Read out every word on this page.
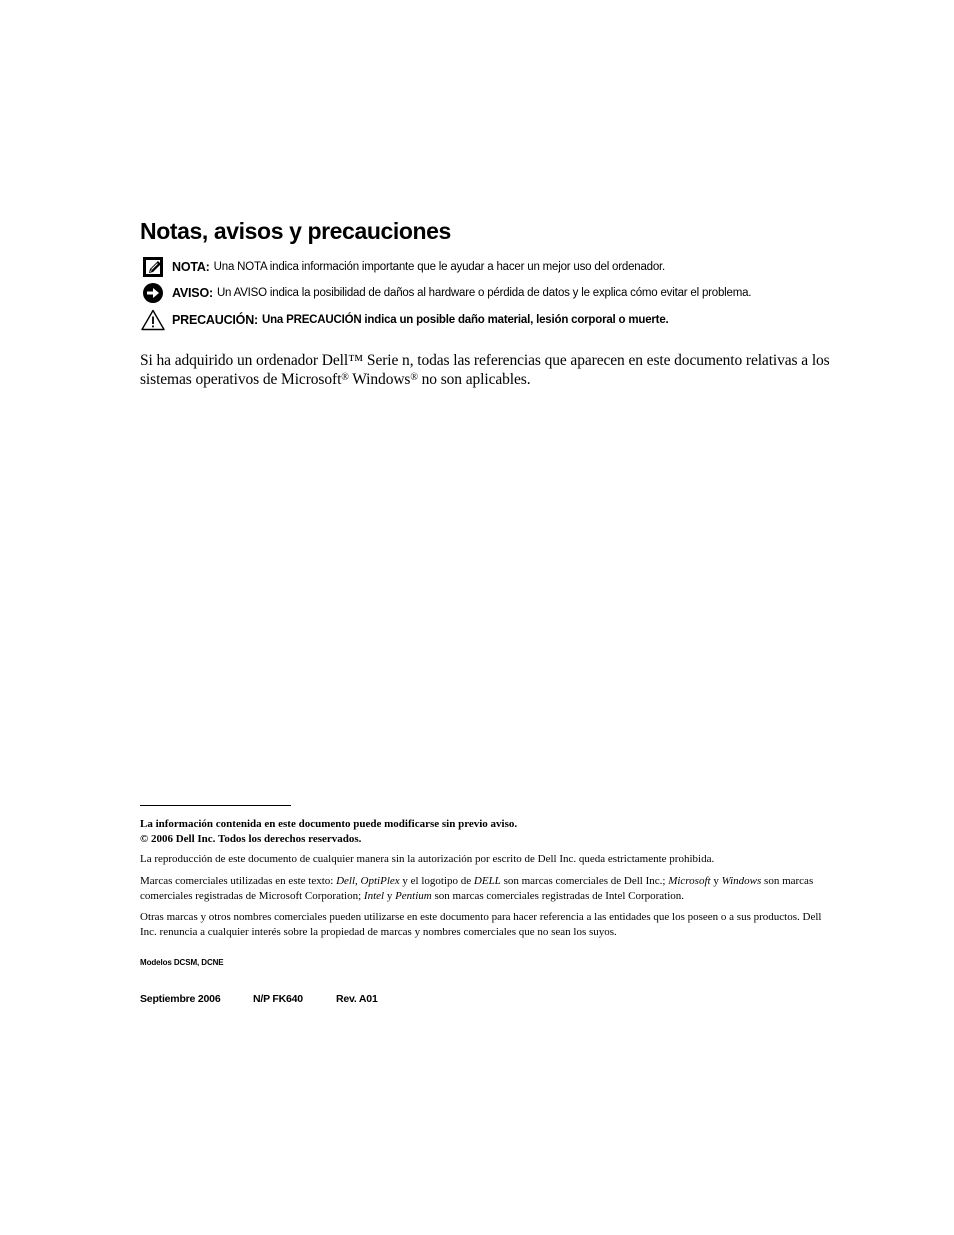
Notas, avisos y precauciones
NOTA: Una NOTA indica información importante que le ayudar a hacer un mejor uso del ordenador.
AVISO: Un AVISO indica la posibilidad de daños al hardware o pérdida de datos y le explica cómo evitar el problema.
PRECAUCIÓN: Una PRECAUCIÓN indica un posible daño material, lesión corporal o muerte.

Si ha adquirido un ordenador Dell™ Serie n, todas las referencias que aparecen en este documento relativas a los sistemas operativos de Microsoft® Windows® no son aplicables.

La información contenida en este documento puede modificarse sin previo aviso.
© 2006 Dell Inc. Todos los derechos reservados.

La reproducción de este documento de cualquier manera sin la autorización por escrito de Dell Inc. queda estrictamente prohibida.

Marcas comerciales utilizadas en este texto: Dell, OptiPlex y el logotipo de DELL son marcas comerciales de Dell Inc.; Microsoft y Windows son marcas comerciales registradas de Microsoft Corporation; Intel y Pentium son marcas comerciales registradas de Intel Corporation.

Otras marcas y otros nombres comerciales pueden utilizarse en este documento para hacer referencia a las entidades que los poseen o a sus productos. Dell Inc. renuncia a cualquier interés sobre la propiedad de marcas y nombres comerciales que no sean los suyos.

Modelos DCSM, DCNE
Septiembre 2006	N/P FK640	Rev. A01
